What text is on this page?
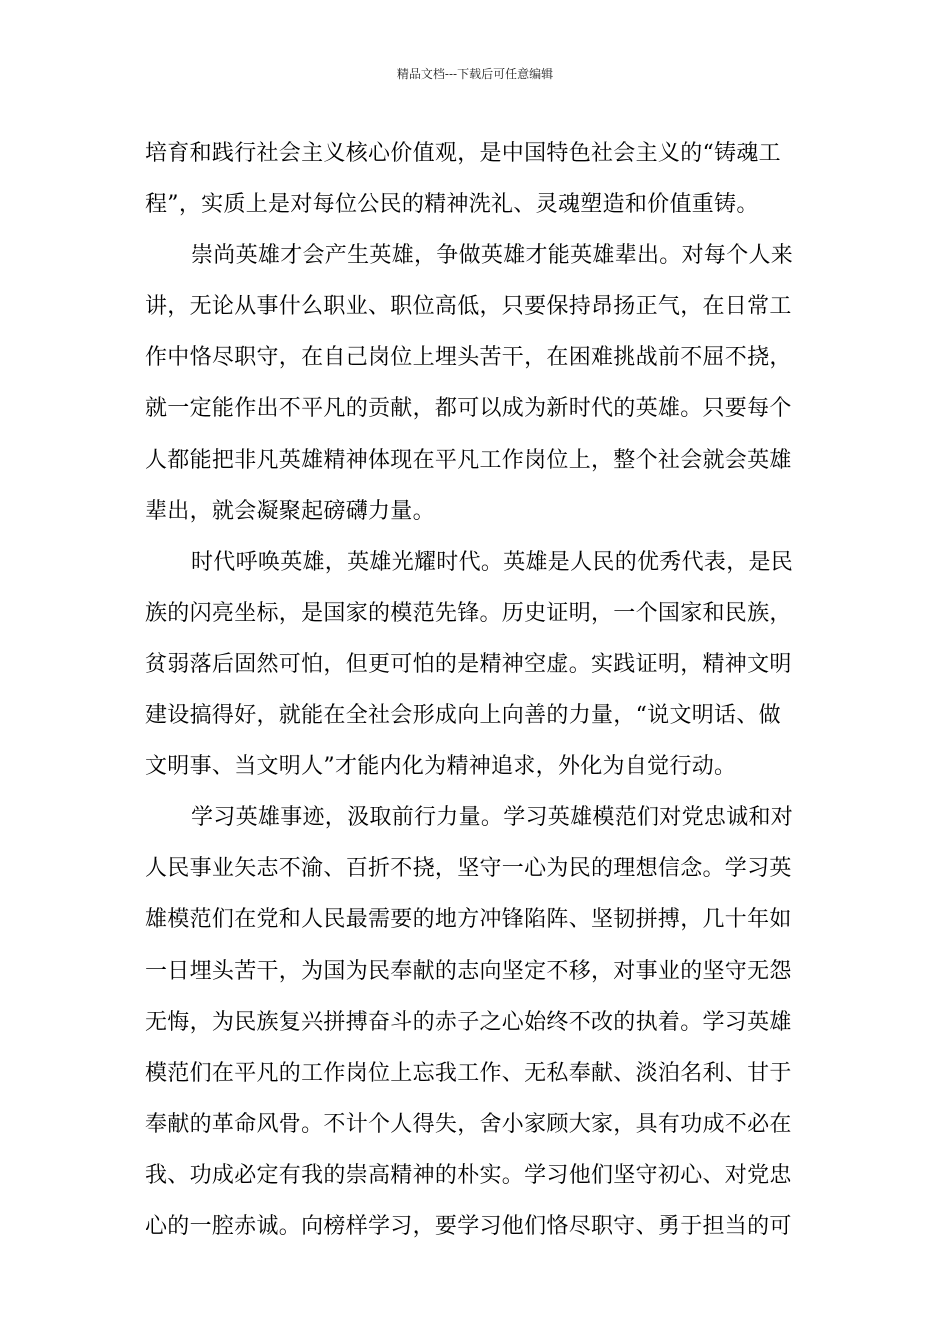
精品文档---下载后可任意编辑
培育和践行社会主义核心价值观，是中国特色社会主义的“铸魂工
程”，实质上是对每位公民的精神洗礼、灵魂塑造和价值重铸。
崇尚英雄才会产生英雄，争做英雄才能英雄辈出。对每个人来
讲，无论从事什么职业、职位高低，只要保持昂扬正气，在日常工
作中恪尽职守，在自己岗位上埋头苦干，在困难挑战前不屈不挠，
就一定能作出不平凡的贡献，都可以成为新时代的英雄。只要每个
人都能把非凡英雄精神体现在平凡工作岗位上，整个社会就会英雄
辈出，就会凝聚起磅礴力量。
时代呼唤英雄，英雄光耀时代。英雄是人民的优秀代表，是民
族的闪亮坐标，是国家的模范先锋。历史证明，一个国家和民族，
贫弱落后固然可怕，但更可怕的是精神空虚。实践证明，精神文明
建设搞得好，就能在全社会形成向上向善的力量，“说文明话、做
文明事、当文明人”才能内化为精神追求，外化为自觉行动。
学习英雄事迹，汲取前行力量。学习英雄模范们对党忠诚和对
人民事业矢志不渝、百折不挠，坚守一心为民的理想信念。学习英
雄模范们在党和人民最需要的地方冲锋陷阵、坚韧拼搏，几十年如
一日埋头苦干，为国为民奉献的志向坚定不移，对事业的坚守无怨
无悔，为民族复兴拼搏奋斗的赤子之心始终不改的执着。学习英雄
模范们在平凡的工作岗位上忘我工作、无私奉献、淡泊名利、甘于
奉献的革命风骨。不计个人得失，舍小家顾大家，具有功成不必在
我、功成必定有我的崇高精神的朴实。学习他们坚守初心、对党忠
心的一腔赤诚。向榜样学习，要学习他们恪尽职守、勇于担当的可
